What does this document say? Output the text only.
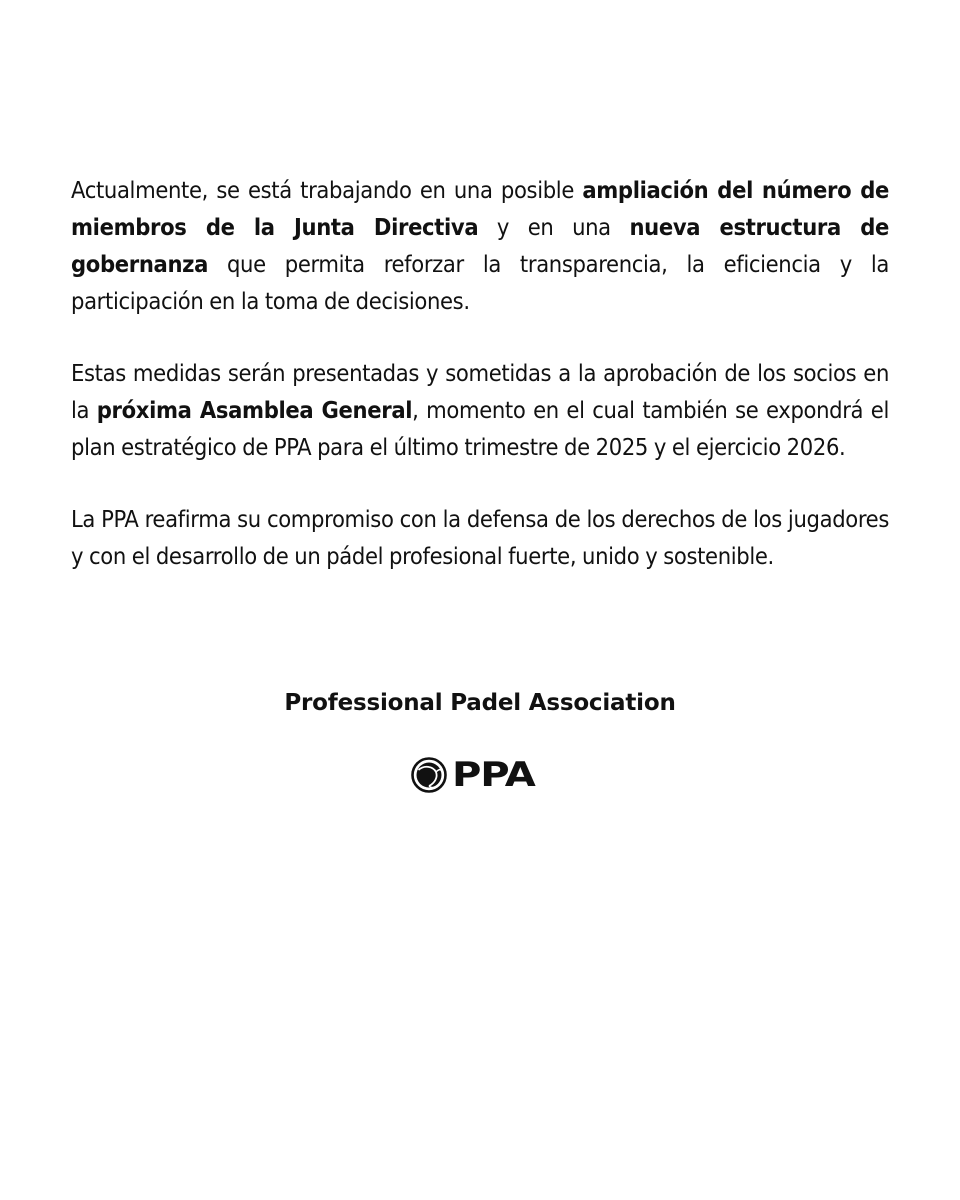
Actualmente, se está trabajando en una posible ampliación del número de miembros de la Junta Directiva y en una nueva estructura de gobernanza que permita reforzar la transparencia, la eficiencia y la participación en la toma de decisiones.

Estas medidas serán presentadas y sometidas a la aprobación de los socios en la próxima Asamblea General, momento en el cual también se expondrá el plan estratégico de PPA para el último trimestre de 2025 y el ejercicio 2026.

La PPA reafirma su compromiso con la defensa de los derechos de los jugadores y con el desarrollo de un pádel profesional fuerte, unido y sostenible.

Professional Padel Association
PPA
